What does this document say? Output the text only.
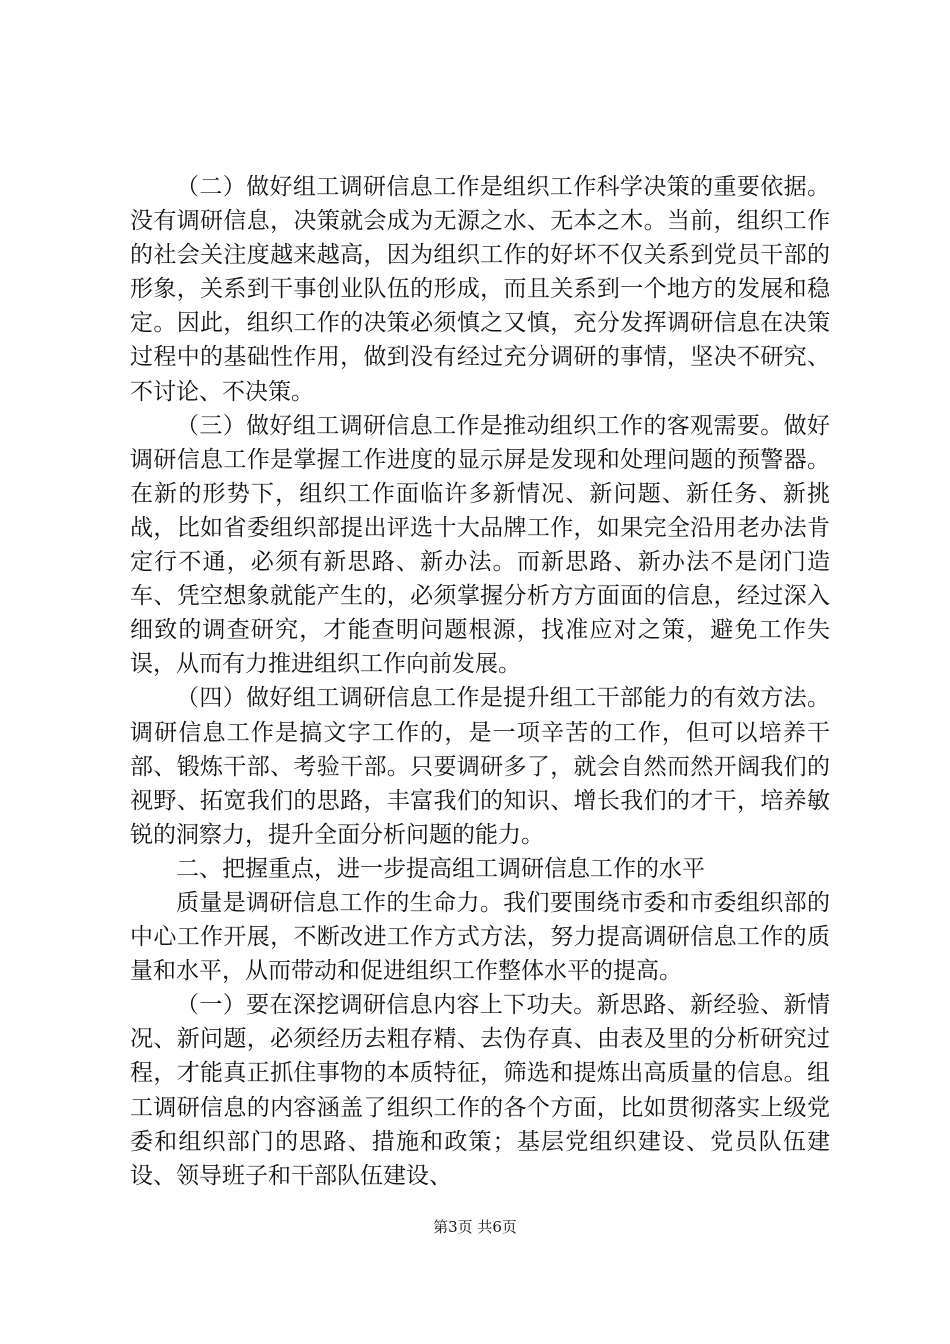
（二）做好组工调研信息工作是组织工作科学决策的重要依据。没有调研信息，决策就会成为无源之水、无本之木。当前，组织工作的社会关注度越来越高，因为组织工作的好坏不仅关系到党员干部的形象，关系到干事创业队伍的形成，而且关系到一个地方的发展和稳定。因此，组织工作的决策必须慎之又慎，充分发挥调研信息在决策过程中的基础性作用，做到没有经过充分调研的事情，坚决不研究、不讨论、不决策。

（三）做好组工调研信息工作是推动组织工作的客观需要。做好调研信息工作是掌握工作进度的显示屏是发现和处理问题的预警器。在新的形势下，组织工作面临许多新情况、新问题、新任务、新挑战，比如省委组织部提出评选十大品牌工作，如果完全沿用老办法肯定行不通，必须有新思路、新办法。而新思路、新办法不是闭门造车、凭空想象就能产生的，必须掌握分析方方面面的信息，经过深入细致的调查研究，才能查明问题根源，找准应对之策，避免工作失误，从而有力推进组织工作向前发展。

（四）做好组工调研信息工作是提升组工干部能力的有效方法。调研信息工作是搞文字工作的，是一项辛苦的工作，但可以培养干部、锻炼干部、考验干部。只要调研多了，就会自然而然开阔我们的视野、拓宽我们的思路，丰富我们的知识、增长我们的才干，培养敏锐的洞察力，提升全面分析问题的能力。

二、把握重点，进一步提高组工调研信息工作的水平

质量是调研信息工作的生命力。我们要围绕市委和市委组织部的中心工作开展，不断改进工作方式方法，努力提高调研信息工作的质量和水平，从而带动和促进组织工作整体水平的提高。

（一）要在深挖调研信息内容上下功夫。新思路、新经验、新情况、新问题，必须经历去粗存精、去伪存真、由表及里的分析研究过程，才能真正抓住事物的本质特征，筛选和提炼出高质量的信息。组工调研信息的内容涵盖了组织工作的各个方面，比如贯彻落实上级党委和组织部门的思路、措施和政策；基层党组织建设、党员队伍建设、领导班子和干部队伍建设、

第3页 共6页
